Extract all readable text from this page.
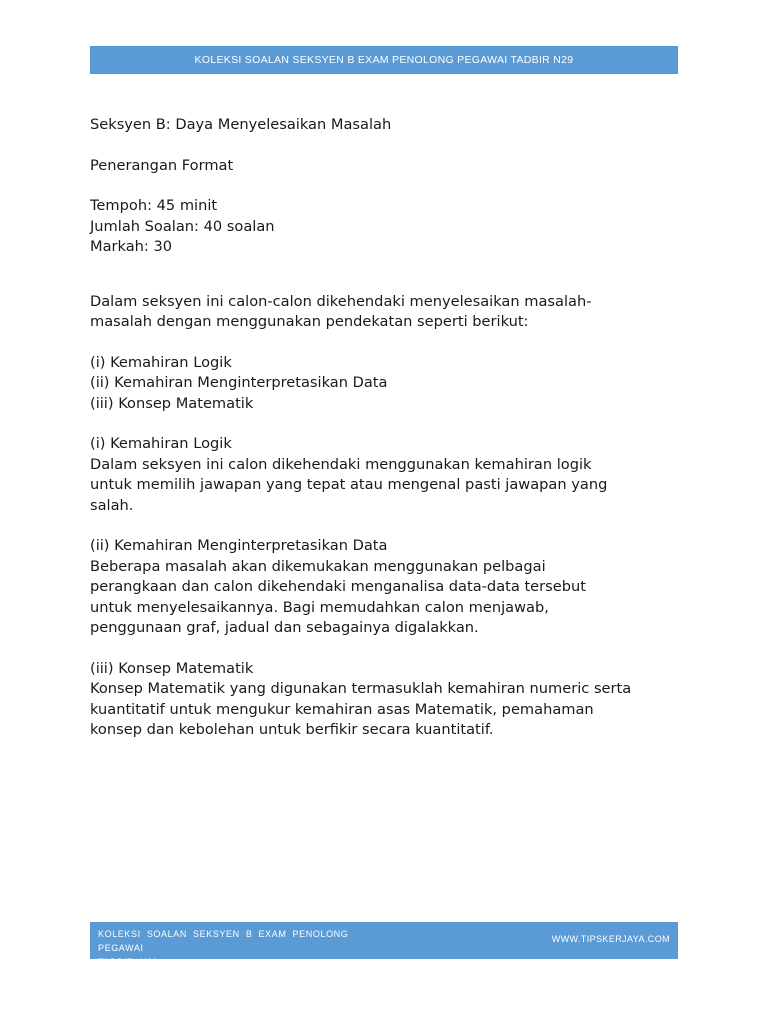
KOLEKSI SOALAN SEKSYEN B EXAM PENOLONG PEGAWAI TADBIR N29

Seksyen B: Daya Menyelesaikan Masalah

Penerangan Format

Tempoh: 45 minit

Jumlah Soalan: 40 soalan

Markah: 30

Dalam seksyen ini calon-calon dikehendaki menyelesaikan masalah-

masalah dengan menggunakan pendekatan seperti berikut:

(i) Kemahiran Logik

(ii) Kemahiran Menginterpretasikan Data

(iii) Konsep Matematik

(i) Kemahiran Logik

Dalam seksyen ini calon dikehendaki menggunakan kemahiran logik

untuk memilih jawapan yang tepat atau mengenal pasti jawapan yang

salah.

(ii) Kemahiran Menginterpretasikan Data

Beberapa masalah akan dikemukakan menggunakan pelbagai

perangkaan dan calon dikehendaki menganalisa data-data tersebut

untuk menyelesaikannya. Bagi memudahkan calon menjawab,

penggunaan graf, jadual dan sebagainya digalakkan.

(iii) Konsep Matematik

Konsep Matematik yang digunakan termasuklah kemahiran numeric serta

kuantitatif untuk mengukur kemahiran asas Matematik, pemahaman

konsep dan kebolehan untuk berfikir secara kuantitatif.

KOLEKSI SOALAN SEKSYEN B EXAM PENOLONG PEGAWAI
TADBIR N29
WWW.TIPSKERJAYA.COM
